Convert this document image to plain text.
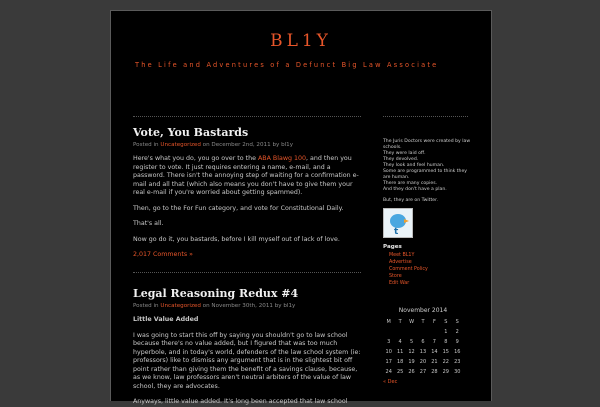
BL1Y
The Life and Adventures of a Defunct Big Law Associate
Vote, You Bastards
Posted in Uncategorized on December 2nd, 2011 by bl1y

Here's what you do, you go over to the ABA Blawg 100, and then you register to vote. It just requires entering a name, e-mail, and a password. There isn't the annoying step of waiting for a confirmation e-mail and all that (which also means you don't have to give them your real e-mail if you're worried about getting spammed).

Then, go to the For Fun category, and vote for Constitutional Daily.

That's all.

Now go do it, you bastards, before I kill myself out of lack of love.

2,017 Comments »
Legal Reasoning Redux #4
Posted in Uncategorized on November 30th, 2011 by bl1y

Little Value Added

I was going to start this off by saying you shouldn't go to law school because there's no value added, but I figured that was too much hyperbole, and in today's world, defenders of the law school system (ie: professors) like to dismiss any argument that is in the slightest bit off point rather than giving them the benefit of a savings clause, because, as we know, law professors aren't neutral arbiters of the value of law school, they are advocates.

Anyways, little value added. It's long been accepted that law school

The Juris Doctors were created by law
schools.
They were laid off.
They devolved.
They look and feel human.
Some are programmed to think they
are human.
There are many copies.
And they don't have a plan.
But, they are on Twitter.
t
Pages
Meet BL1Y
Advertise
Comment Policy
Store
Edit War
November 2014
M	T	W	T	F	S	S
					1	2
3	4	5	6	7	8	9
10	11	12	13	14	15	16
17	18	19	20	21	22	23
24	25	26	27	28	29	30
« Dec
